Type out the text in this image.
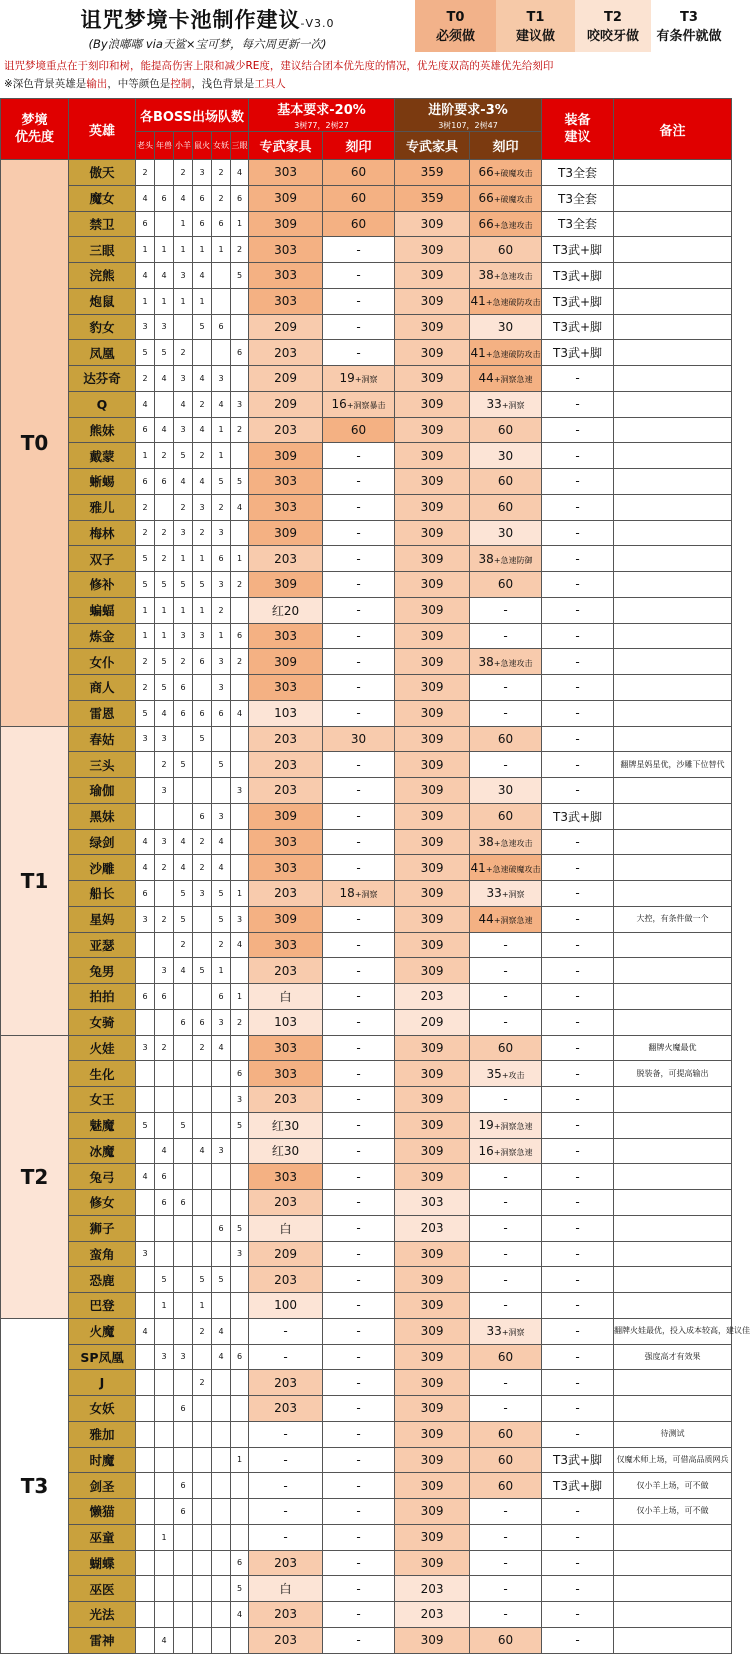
诅咒梦境卡池制作建议-V3.0
(By浪嘟嘟 via天鲨×宝可梦，每六周更新一次)
T0
必须做
T1
建议做
T2
咬咬牙做
T3
有条件就做
诅咒梦境重点在于刻印和树，能提高伤害上限和减少RE度，建议结合团本优先度的情况，优先度双高的英雄优先给刻印
※深色背景英雄是输出，中等颜色是控制，浅色背景是工具人
梦境
优先度	英雄	各BOSS出场队数						基本要求-20%
3树77，2树27		进阶要求-3%
3树107，2树47		装备
建议	备注
		老头	年兽	小羊	鼠火	女妖	三眼	专武家具	刻印	专武家具	刻印		
T0	傲天	2		2	3	2	4	303	60	359	66+破魔攻击	T3全套	
	魔女	4	6	4	6	2	6	309	60	359	66+破魔攻击	T3全套	
	禁卫	6		1	6	6	1	309	60	309	66+急速攻击	T3全套	
	三眼	1	1	1	1	1	2	303	-	309	60	T3武+脚	
	浣熊	4	4	3	4		5	303	-	309	38+急速攻击	T3武+脚	
	炮鼠	1	1	1	1			303	-	309	41+急速破防攻击	T3武+脚	
	豹女	3	3		5	6		209	-	309	30	T3武+脚	
	凤凰	5	5	2			6	203	-	309	41+急速破防攻击	T3武+脚	
	达芬奇	2	4	3	4	3		209	19+洞察	309	44+洞察急速	-	
	Q	4		4	2	4	3	209	16+洞察暴击	309	33+洞察	-	
	熊妹	6	4	3	4	1	2	203	60	309	60	-	
	戴蒙	1	2	5	2	1		309	-	309	30	-	
	蜥蜴	6	6	4	4	5	5	303	-	309	60	-	
	雅儿	2		2	3	2	4	303	-	309	60	-	
	梅林	2	2	3	2	3		309	-	309	30	-	
	双子	5	2	1	1	6	1	203	-	309	38+急速防御	-	
	修补	5	5	5	5	3	2	309	-	309	60	-	
	蝙蝠	1	1	1	1	2		红20	-	309	-	-	
	炼金	1	1	3	3	1	6	303	-	309	-	-	
	女仆	2	5	2	6	3	2	309	-	309	38+急速攻击	-	
	商人	2	5	6		3		303	-	309	-	-	
	雷恩	5	4	6	6	6	4	103	-	309	-	-	
T1	春姑	3	3		5			203	30	309	60	-	
	三头		2	5		5		203	-	309	-	-	翻牌星妈星优，沙雕下位替代
	瑜伽		3				3	203	-	309	30	-	
	黑妹				6	3		309	-	309	60	T3武+脚	
	绿剑	4	3	4	2	4		303	-	309	38+急速攻击	-	
	沙雕	4	2	4	2	4		303	-	309	41+急速破魔攻击	-	
	船长	6		5	3	5	1	203	18+洞察	309	33+洞察	-	
	星妈	3	2	5		5	3	309	-	309	44+洞察急速	-	大控，有条件做一个
	亚瑟			2		2	4	303	-	309	-	-	
	兔男		3	4	5	1		203	-	309	-	-	
	拍拍	6	6			6	1	白	-	203	-	-	
	女骑			6	6	3	2	103	-	209	-	-	
T2	火娃	3	2		2	4		303	-	309	60	-	翻牌火魔最优
	生化						6	303	-	309	35+攻击	-	脱装备，可提高输出
	女王						3	203	-	309	-	-	
	魅魔	5		5			5	红30	-	309	19+洞察急速	-	
	冰魔		4		4	3		红30	-	309	16+洞察急速	-	
	兔弓	4	6					303	-	309	-	-	
	修女		6	6				203	-	303	-	-	
	狮子					6	5	白	-	203	-	-	
	蛮角	3					3	209	-	309	-	-	
	恐鹿		5		5	5		203	-	309	-	-	
	巴登		1		1			100	-	309	-	-	
T3	火魔	4			2	4		-	-	309	33+洞察	-	翻牌火娃最优，投入成本较高，建议佳
	SP凤凰		3	3		4	6	-	-	309	60	-	强度高才有效果
	J				2			203	-	309	-	-	
	女妖			6				203	-	309	-	-	
	雅加							-	-	309	60	-	待测试
	时魔						1	-	-	309	60	T3武+脚	仅魔术师上场，可借高品质网兵
	剑圣			6				-	-	309	60	T3武+脚	仅小羊上场，可不做
	懒猫			6				-	-	309	-	-	仅小羊上场，可不做
	巫童		1					-	-	309	-	-	
	蝴蝶						6	203	-	309	-	-	
	巫医						5	白	-	203	-	-	
	光法						4	203	-	203	-	-	
	雷神		4					203	-	309	60	-	
